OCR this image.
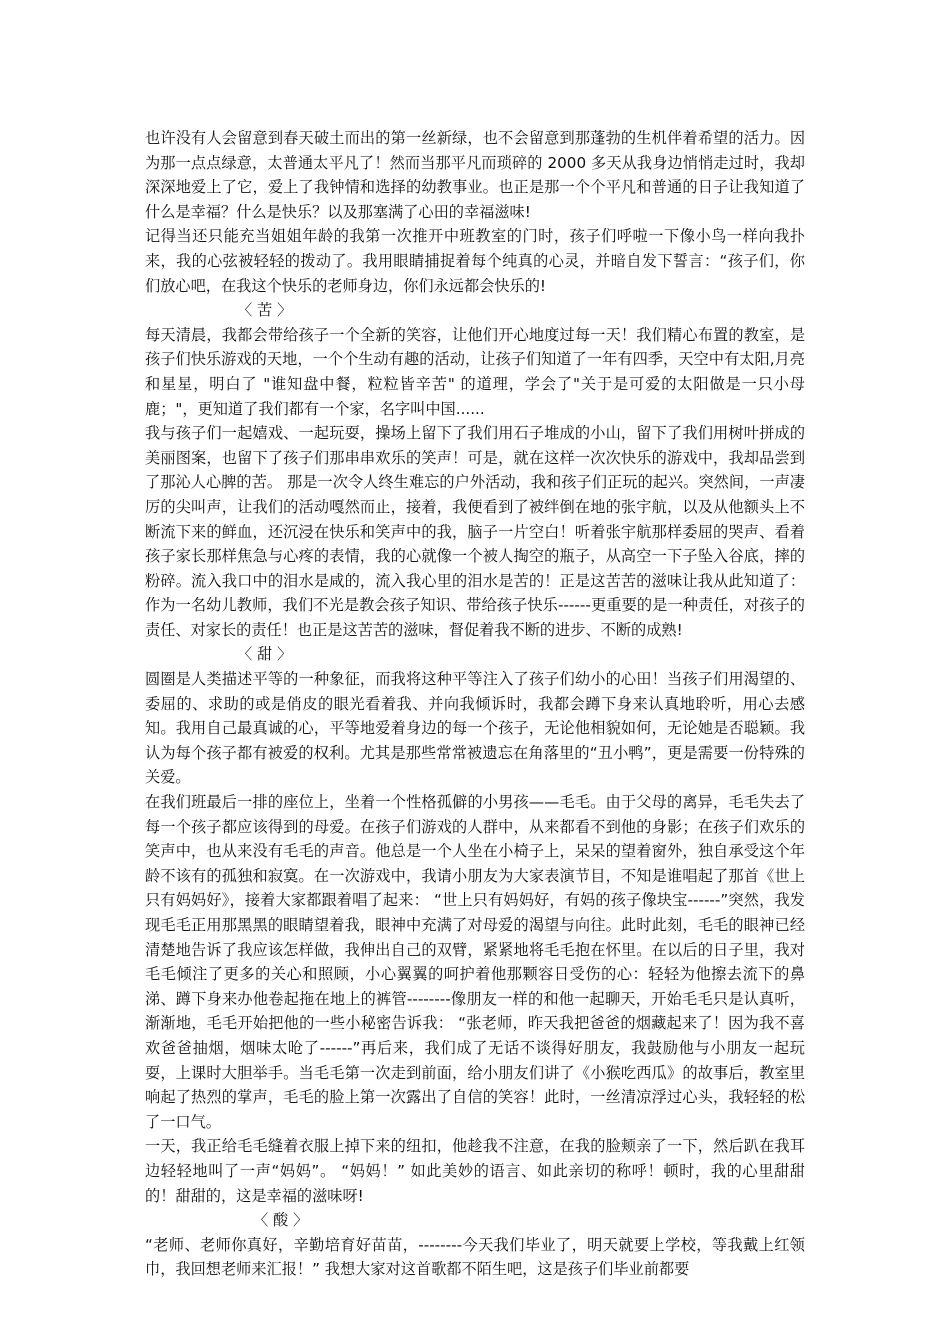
也许没有人会留意到春天破土而出的第一丝新绿，也不会留意到那蓬勃的生机伴着希望的活力。因为那一点点绿意，太普通太平凡了！然而当那平凡而琐碎的 2000 多天从我身边悄悄走过时，我却深深地爱上了它，爱上了我钟情和选择的幼教事业。也正是那一个个平凡和普通的日子让我知道了什么是幸福？什么是快乐？以及那塞满了心田的幸福滋味!

记得当还只能充当姐姐年龄的我第一次推开中班教室的门时，孩子们呼啦一下像小鸟一样向我扑来，我的心弦被轻轻的拨动了。我用眼睛捕捉着每个纯真的心灵，并暗自发下誓言：“孩子们，你们放心吧，在我这个快乐的老师身边，你们永远都会快乐的!

〈 苦 〉

每天清晨，我都会带给孩子一个全新的笑容，让他们开心地度过每一天！我们精心布置的教室，是孩子们快乐游戏的天地，一个个生动有趣的活动，让孩子们知道了一年有四季，天空中有太阳,月亮和星星，明白了 "谁知盘中餐，粒粒皆辛苦" 的道理，学会了"关于是可爱的太阳做是一只小母鹿；"，更知道了我们都有一个家，名字叫中国......

我与孩子们一起嬉戏、一起玩耍，操场上留下了我们用石子堆成的小山，留下了我们用树叶拼成的美丽图案，也留下了孩子们那串串欢乐的笑声！可是，就在这样一次次快乐的游戏中，我却品尝到了那沁人心脾的苦。 那是一次令人终生难忘的户外活动，我和孩子们正玩的起兴。突然间，一声凄厉的尖叫声，让我们的活动嘎然而止，接着，我便看到了被绊倒在地的张宇航，以及从他额头上不断流下来的鲜血，还沉浸在快乐和笑声中的我，脑子一片空白！听着张宇航那样委屈的哭声、看着孩子家长那样焦急与心疼的表情，我的心就像一个被人掏空的瓶子，从高空一下子坠入谷底，摔的粉碎。流入我口中的泪水是咸的，流入我心里的泪水是苦的！正是这苦苦的滋味让我从此知道了：作为一名幼儿教师，我们不光是教会孩子知识、带给孩子快乐------更重要的是一种责任，对孩子的责任、对家长的责任！也正是这苦苦的滋味，督促着我不断的进步、不断的成熟!

〈 甜 〉

圆圈是人类描述平等的一种象征，而我将这种平等注入了孩子们幼小的心田！当孩子们用渴望的、委屈的、求助的或是俏皮的眼光看着我、并向我倾诉时，我都会蹲下身来认真地聆听，用心去感知。我用自己最真诚的心，平等地爱着身边的每一个孩子，无论他相貌如何，无论她是否聪颖。我认为每个孩子都有被爱的权利。尤其是那些常常被遗忘在角落里的“丑小鸭”，更是需要一份特殊的关爱。

在我们班最后一排的座位上，坐着一个性格孤僻的小男孩——毛毛。由于父母的离异，毛毛失去了每一个孩子都应该得到的母爱。在孩子们游戏的人群中，从来都看不到他的身影；在孩子们欢乐的笑声中，也从来没有毛毛的声音。他总是一个人坐在小椅子上，呆呆的望着窗外，独自承受这个年龄不该有的孤独和寂寞。在一次游戏中，我请小朋友为大家表演节目，不知是谁唱起了那首《世上只有妈妈好》，接着大家都跟着唱了起来： “世上只有妈妈好，有妈的孩子像块宝------”突然，我发现毛毛正用那黑黑的眼睛望着我，眼神中充满了对母爱的渴望与向往。此时此刻，毛毛的眼神已经清楚地告诉了我应该怎样做，我伸出自己的双臂，紧紧地将毛毛抱在怀里。在以后的日子里，我对毛毛倾注了更多的关心和照顾，小心翼翼的呵护着他那颗容日受伤的心：轻轻为他擦去流下的鼻涕、蹲下身来办他卷起拖在地上的裤管--------像朋友一样的和他一起聊天，开始毛毛只是认真听，渐渐地，毛毛开始把他的一些小秘密告诉我： “张老师，昨天我把爸爸的烟藏起来了！因为我不喜欢爸爸抽烟，烟味太呛了------”再后来，我们成了无话不谈得好朋友，我鼓励他与小朋友一起玩耍，上课时大胆举手。当毛毛第一次走到前面，给小朋友们讲了《小猴吃西瓜》的故事后，教室里响起了热烈的掌声，毛毛的脸上第一次露出了自信的笑容！此时，一丝清凉浮过心头，我轻轻的松了一口气。

一天，我正给毛毛缝着衣服上掉下来的纽扣，他趁我不注意，在我的脸颊亲了一下，然后趴在我耳边轻轻地叫了一声“妈妈”。 “妈妈！” 如此美妙的语言、如此亲切的称呼！顿时，我的心里甜甜的！甜甜的，这是幸福的滋味呀!

〈 酸 〉

“老师、老师你真好，辛勤培育好苗苗，--------今天我们毕业了，明天就要上学校，等我戴上红领巾，我回想老师来汇报！” 我想大家对这首歌都不陌生吧，这是孩子们毕业前都要
